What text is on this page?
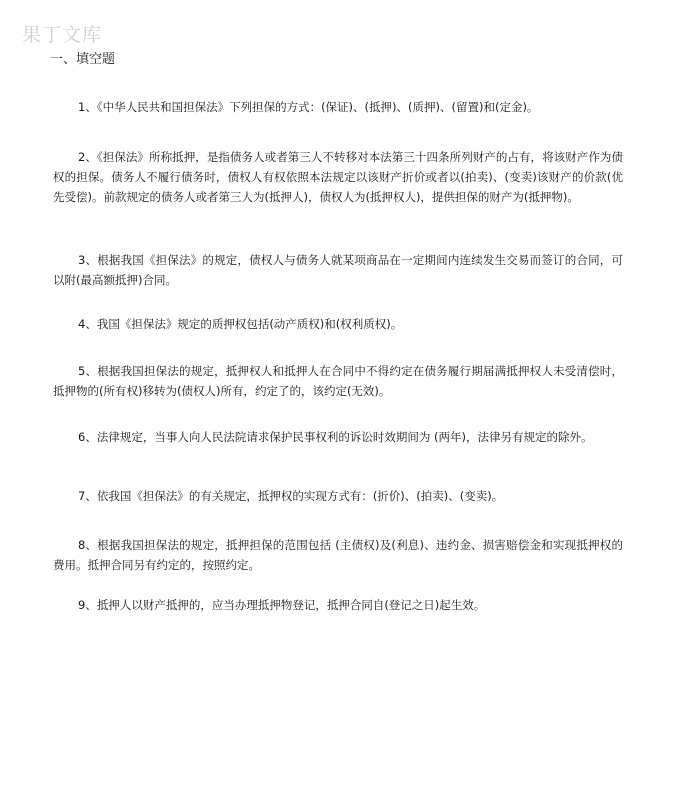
果丁文库
一、填空题

1、《中华人民共和国担保法》下列担保的方式：(保证)、(抵押)、(质押)、(留置)和(定金)。

2、《担保法》所称抵押，是指债务人或者第三人不转移对本法第三十四条所列财产的占有，将该财产作为债权的担保。债务人不履行债务时，债权人有权依照本法规定以该财产折价或者以(拍卖)、(变卖)该财产的价款(优先受偿)。前款规定的债务人或者第三人为(抵押人)，债权人为(抵押权人)，提供担保的财产为(抵押物)。

3、根据我国《担保法》的规定，债权人与债务人就某项商品在一定期间内连续发生交易而签订的合同，可以附(最高额抵押)合同。

4、我国《担保法》规定的质押权包括(动产质权)和(权利质权)。

5、根据我国担保法的规定，抵押权人和抵押人在合同中不得约定在债务履行期届满抵押权人未受清偿时，抵押物的(所有权)移转为(债权人)所有，约定了的，该约定(无效)。

6、法律规定，当事人向人民法院请求保护民事权利的诉讼时效期间为 (两年)，法律另有规定的除外。

7、依我国《担保法》的有关规定，抵押权的实现方式有：(折价)、(拍卖)、(变卖)。

8、根据我国担保法的规定，抵押担保的范围包括 (主债权)及(利息)、违约金、损害赔偿金和实现抵押权的费用。抵押合同另有约定的，按照约定。

9、抵押人以财产抵押的，应当办理抵押物登记，抵押合同自(登记之日)起生效。
